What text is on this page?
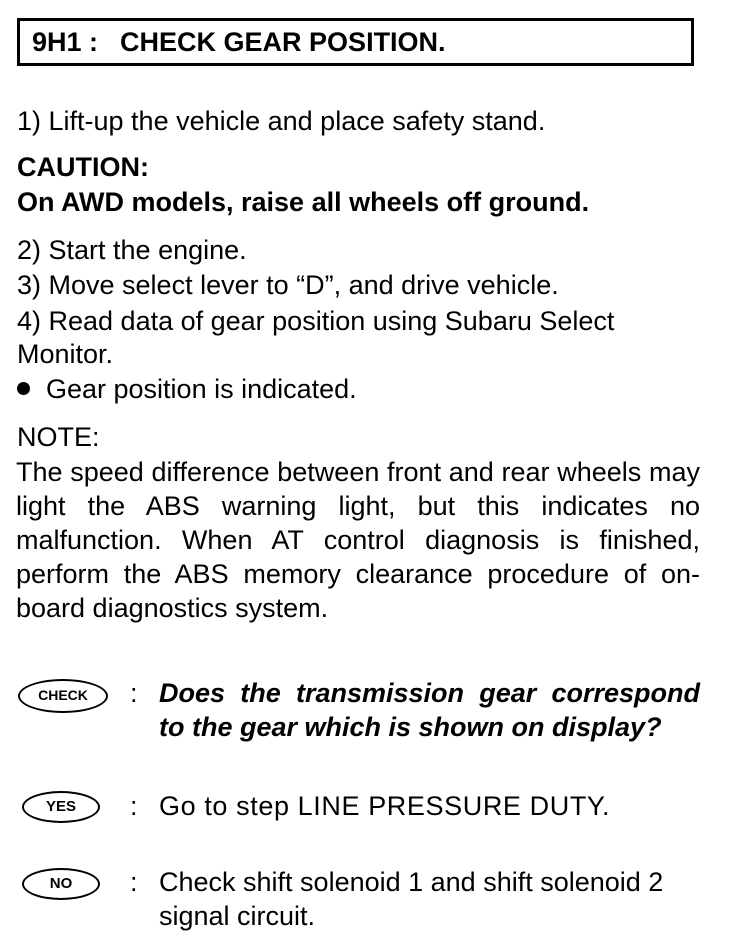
9H1 : CHECK GEAR POSITION.
1) Lift-up the vehicle and place safety stand.
CAUTION:
On AWD models, raise all wheels off ground.
2) Start the engine.
3) Move select lever to “D”, and drive vehicle.
4) Read data of gear position using Subaru Select
Monitor.
Gear position is indicated.
NOTE:
The speed difference between front and rear wheels may light the ABS warning light, but this indicates no malfunction. When AT control diagnosis is finished, perform the ABS memory clearance procedure of on-board diagnostics system.
CHECK	: Does the transmission gear correspond to the gear which is shown on display?
YES	: Go to step LINE PRESSURE DUTY.
NO	: Check shift solenoid 1 and shift solenoid 2 signal circuit.
